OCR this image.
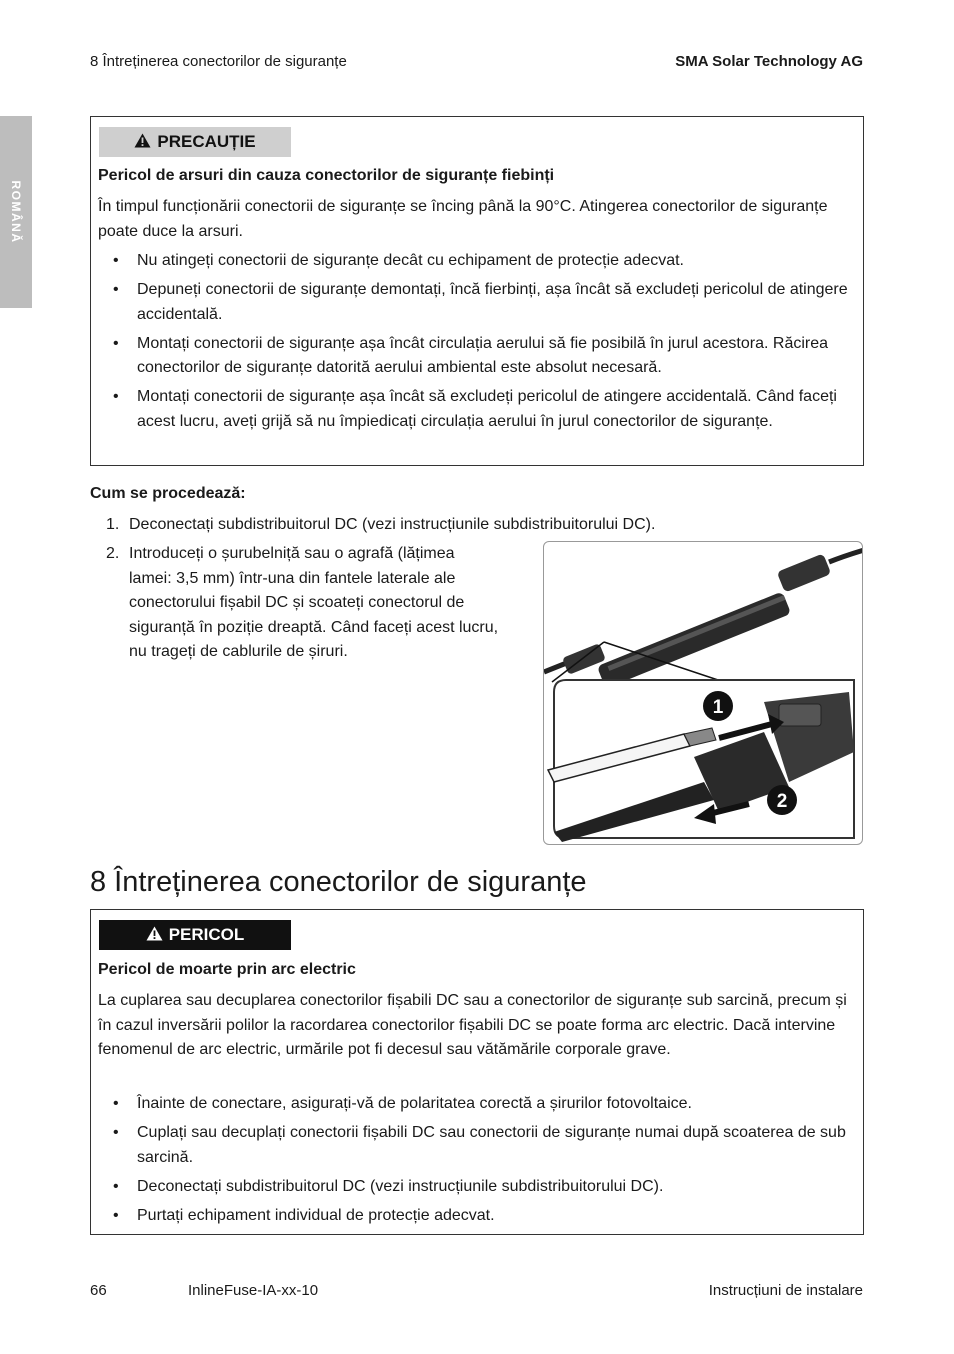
8 Întreținerea conectorilor de siguranțe	SMA Solar Technology AG
ROMÂNĂ
PRECAUȚIE
Pericol de arsuri din cauza conectorilor de siguranțe fiebinți
În timpul funcționării conectorii de siguranțe se încing până la 90°C. Atingerea conectorilor de siguranțe poate duce la arsuri.
• Nu atingeți conectorii de siguranțe decât cu echipament de protecție adecvat.
• Depuneți conectorii de siguranțe demontați, încă fierbinți, așa încât să excludeți pericolul de atingere accidentală.
• Montați conectorii de siguranțe așa încât circulația aerului să fie posibilă în jurul acestora. Răcirea conectorilor de siguranțe datorită aerului ambiental este absolut necesară.
• Montați conectorii de siguranțe așa încât să excludeți pericolul de atingere accidentală. Când faceți acest lucru, aveți grijă să nu împiedicați circulația aerului în jurul conectorilor de siguranțe.
Cum se procedează:
1. Deconectați subdistribuitorul DC (vezi instrucțiunile subdistribuitorului DC).
2. Introduceți o șurubelniță sau o agrafă (lățimea lamei: 3,5 mm) într-una din fantele laterale ale conectorului fișabil DC și scoateți conectorul de siguranță în poziție dreaptă. Când faceți acest lucru, nu trageți de cablurile de șiruri.
1
2
8 Întreținerea conectorilor de siguranțe
PERICOL
Pericol de moarte prin arc electric
La cuplarea sau decuplarea conectorilor fișabili DC sau a conectorilor de siguranțe sub sarcină, precum și în cazul inversării polilor la racordarea conectorilor fișabili DC se poate forma arc electric. Dacă intervine fenomenul de arc electric, urmările pot fi decesul sau vătămările corporale grave.
• Înainte de conectare, asigurați-vă de polaritatea corectă a șirurilor fotovoltaice.
• Cuplați sau decuplați conectorii fișabili DC sau conectorii de siguranțe numai după scoaterea de sub sarcină.
• Deconectați subdistribuitorul DC (vezi instrucțiunile subdistribuitorului DC).
• Purtați echipament individual de protecție adecvat.
66	InlineFuse-IA-xx-10	Instrucțiuni de instalare
